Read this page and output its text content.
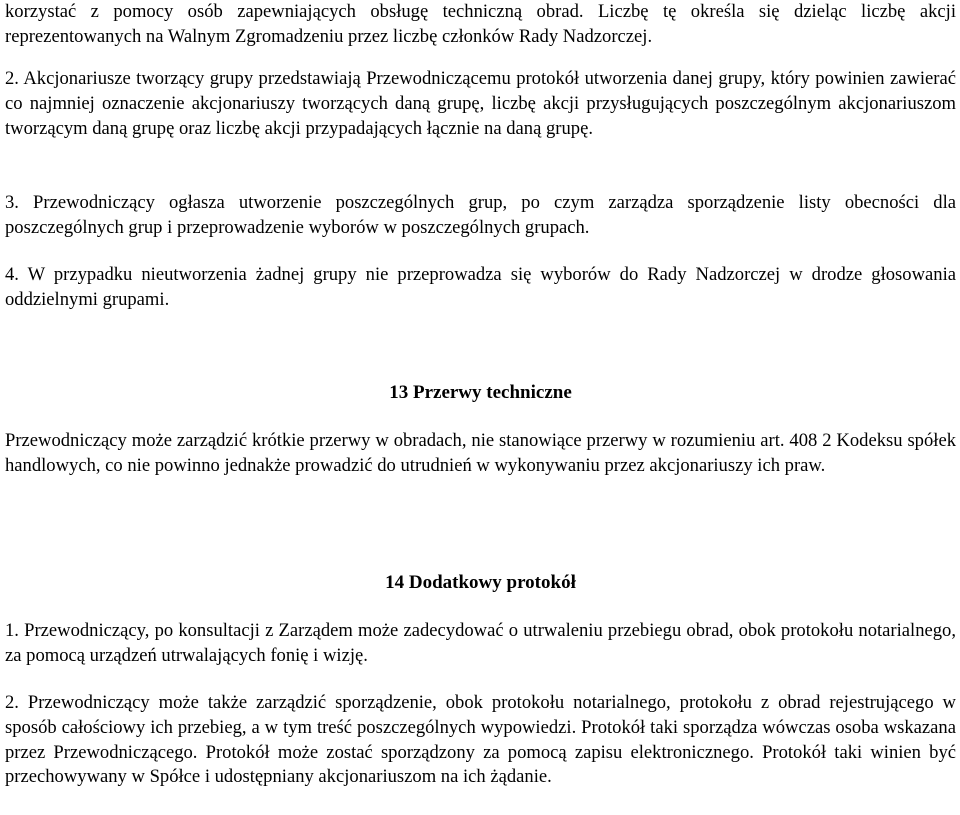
korzystać z pomocy osób zapewniających obsługę techniczną obrad. Liczbę tę określa się dzieląc liczbę akcji reprezentowanych na Walnym Zgromadzeniu przez liczbę członków Rady Nadzorczej.

2. Akcjonariusze tworzący grupy przedstawiają Przewodniczącemu protokół utworzenia danej grupy, który powinien zawierać co najmniej oznaczenie akcjonariuszy tworzących daną grupę, liczbę akcji przysługujących poszczególnym akcjonariuszom tworzącym daną grupę oraz liczbę akcji przypadających łącznie na daną grupę.

3. Przewodniczący ogłasza utworzenie poszczególnych grup, po czym zarządza sporządzenie listy obecności dla poszczególnych grup i przeprowadzenie wyborów w poszczególnych grupach.

4. W przypadku nieutworzenia żadnej grupy nie przeprowadza się wyborów do Rady Nadzorczej w drodze głosowania oddzielnymi grupami.

13 Przerwy techniczne

Przewodniczący może zarządzić krótkie przerwy w obradach, nie stanowiące przerwy w rozumieniu art. 408 2 Kodeksu spółek handlowych, co nie powinno jednakże prowadzić do utrudnień w wykonywaniu przez akcjonariuszy ich praw.

14 Dodatkowy protokół

1. Przewodniczący, po konsultacji z Zarządem może zadecydować o utrwaleniu przebiegu obrad, obok protokołu notarialnego, za pomocą urządzeń utrwalających fonię i wizję.

2. Przewodniczący może także zarządzić sporządzenie, obok protokołu notarialnego, protokołu z obrad rejestrującego w sposób całościowy ich przebieg, a w tym treść poszczególnych wypowiedzi. Protokół taki sporządza wówczas osoba wskazana przez Przewodniczącego. Protokół może zostać sporządzony za pomocą zapisu elektronicznego. Protokół taki winien być przechowywany w Spółce i udostępniany akcjonariuszom na ich żądanie.
